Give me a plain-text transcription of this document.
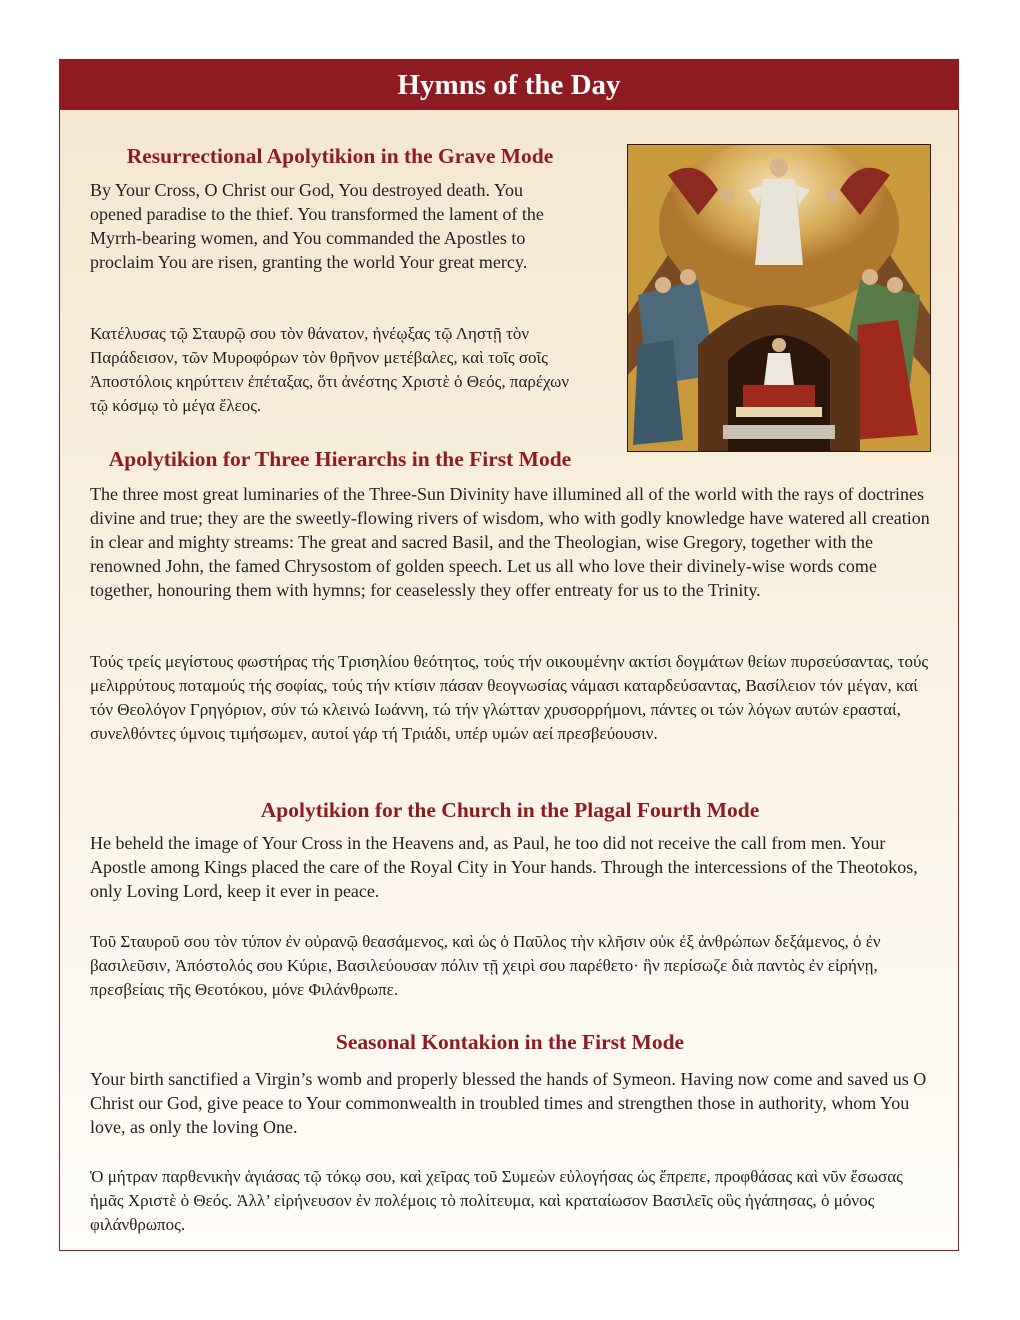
Hymns of the Day
Resurrectional Apolytikion in the Grave Mode

By Your Cross, O Christ our God, You destroyed death. You opened paradise to the thief. You transformed the lament of the Myrrh-bearing women, and You commanded the Apostles to proclaim You are risen, granting the world Your great mercy.

Κατέλυσας τῷ Σταυρῷ σου τὸν θάνατον, ἠνέῳξας τῷ Ληστῇ τὸν Παράδεισον, τῶν Μυροφόρων τὸν θρῆνον μετέβαλες, καὶ τοῖς σοῖς Ἀποστόλοις κηρύττειν ἐπέταξας, ὅτι ἀνέστης Χριστὲ ὁ Θεός, παρέχων τῷ κόσμῳ τὸ μέγα ἔλεος.

Apolytikion for Three Hierarchs in the First Mode

The three most great luminaries of the Three-Sun Divinity have illumined all of the world with the rays of doctrines divine and true; they are the sweetly-flowing rivers of wisdom, who with godly knowledge have watered all creation in clear and mighty streams: The great and sacred Basil, and the Theologian, wise Gregory, together with the renowned John, the famed Chrysostom of golden speech. Let us all who love their divinely-wise words come together, honouring them with hymns; for ceaselessly they offer entreaty for us to the Trinity.

Τούς τρείς μεγίστους φωστήρας τής Τρισηλίου θεότητος, τούς τήν οικουμένην ακτίσι δογμάτων θείων πυρσεύσαντας, τούς μελιρρύτους ποταμούς τής σοφίας, τούς τήν κτίσιν πάσαν θεογνωσίας νάμασι καταρδεύσαντας, Βασίλειον τόν μέγαν, καί τόν Θεολόγον Γρηγόριον, σύν τώ κλεινώ Ιωάννη, τώ τήν γλώτταν χρυσορρήμονι, πάντες οι τών λόγων αυτών ερασταί, συνελθόντες ύμνοις τιμήσωμεν, αυτοί γάρ τή Τριάδι, υπέρ υμών αεί πρεσβεύουσιν.

Apolytikion for the Church in the Plagal Fourth Mode

He beheld the image of Your Cross in the Heavens and, as Paul, he too did not receive the call from men. Your Apostle among Kings placed the care of the Royal City in Your hands. Through the intercessions of the Theotokos, only Loving Lord, keep it ever in peace.

Τοῦ Σταυροῦ σου τὸν τύπον ἐν οὐρανῷ θεασάμενος, καὶ ὡς ὁ Παῦλος τὴν κλῆσιν οὐκ ἐξ ἀνθρώπων δεξάμενος, ὁ ἐν βασιλεῦσιν, Ἀπόστολός σου Κύριε, Βασιλεύουσαν πόλιν τῇ χειρὶ σου παρέθετο· ἣν περίσωζε διὰ παντὸς ἐν εἰρήνῃ, πρεσβείαις τῆς Θεοτόκου, μόνε Φιλάνθρωπε.

Seasonal Kontakion in the First Mode

Your birth sanctified a Virgin’s womb and properly blessed the hands of Symeon. Having now come and saved us O Christ our God, give peace to Your commonwealth in troubled times and strengthen those in authority, whom You love, as only the loving One.

Ὁ μήτραν παρθενικὴν ἁγιάσας τῷ τόκῳ σου, καὶ χεῖρας τοῦ Συμεὼν εὐλογήσας ὡς ἔπρεπε, προφθάσας καὶ νῦν ἔσωσας ἡμᾶς Χριστὲ ὁ Θεός. Ἀλλ’ εἰρήνευσον ἐν πολέμοις τὸ πολίτευμα, καὶ κραταίωσον Βασιλεῖς οὓς ἠγάπησας, ὁ μόνος φιλάνθρωπος.
